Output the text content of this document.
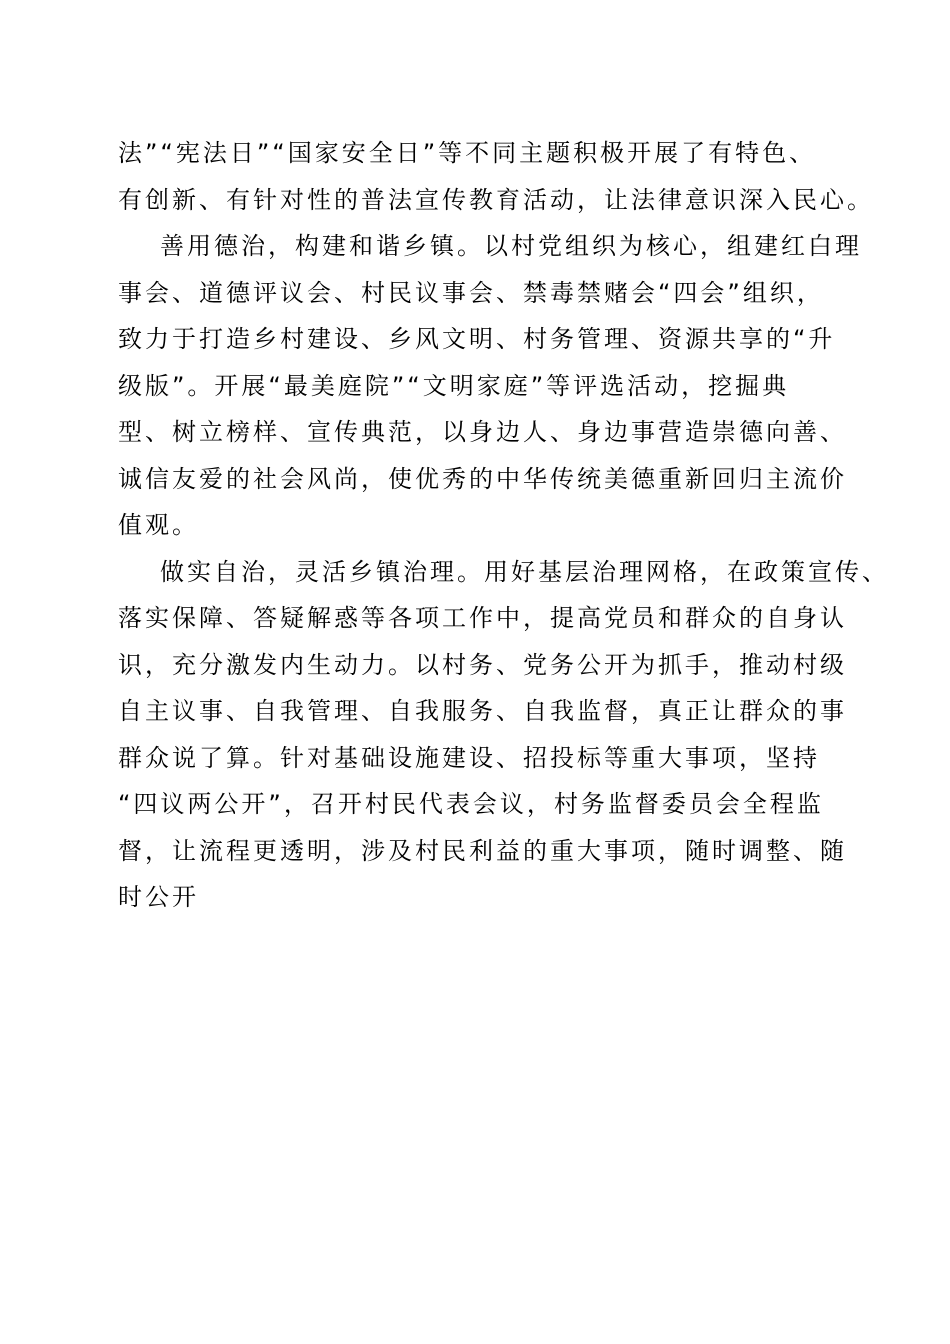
法”“宪法日”“国家安全日”等不同主题积极开展了有特色、
有创新、有针对性的普法宣传教育活动，让法律意识深入民心。
善用德治，构建和谐乡镇。以村党组织为核心，组建红白理
事会、道德评议会、村民议事会、禁毒禁赌会“四会”组织，
致力于打造乡村建设、乡风文明、村务管理、资源共享的“升
级版”。开展“最美庭院”“文明家庭”等评选活动，挖掘典
型、树立榜样、宣传典范，以身边人、身边事营造崇德向善、
诚信友爱的社会风尚，使优秀的中华传统美德重新回归主流价
值观。
做实自治，灵活乡镇治理。用好基层治理网格，在政策宣传、
落实保障、答疑解惑等各项工作中，提高党员和群众的自身认
识，充分激发内生动力。以村务、党务公开为抓手，推动村级
自主议事、自我管理、自我服务、自我监督，真正让群众的事
群众说了算。针对基础设施建设、招投标等重大事项，坚持
“四议两公开”，召开村民代表会议，村务监督委员会全程监
督，让流程更透明，涉及村民利益的重大事项，随时调整、随
时公开
